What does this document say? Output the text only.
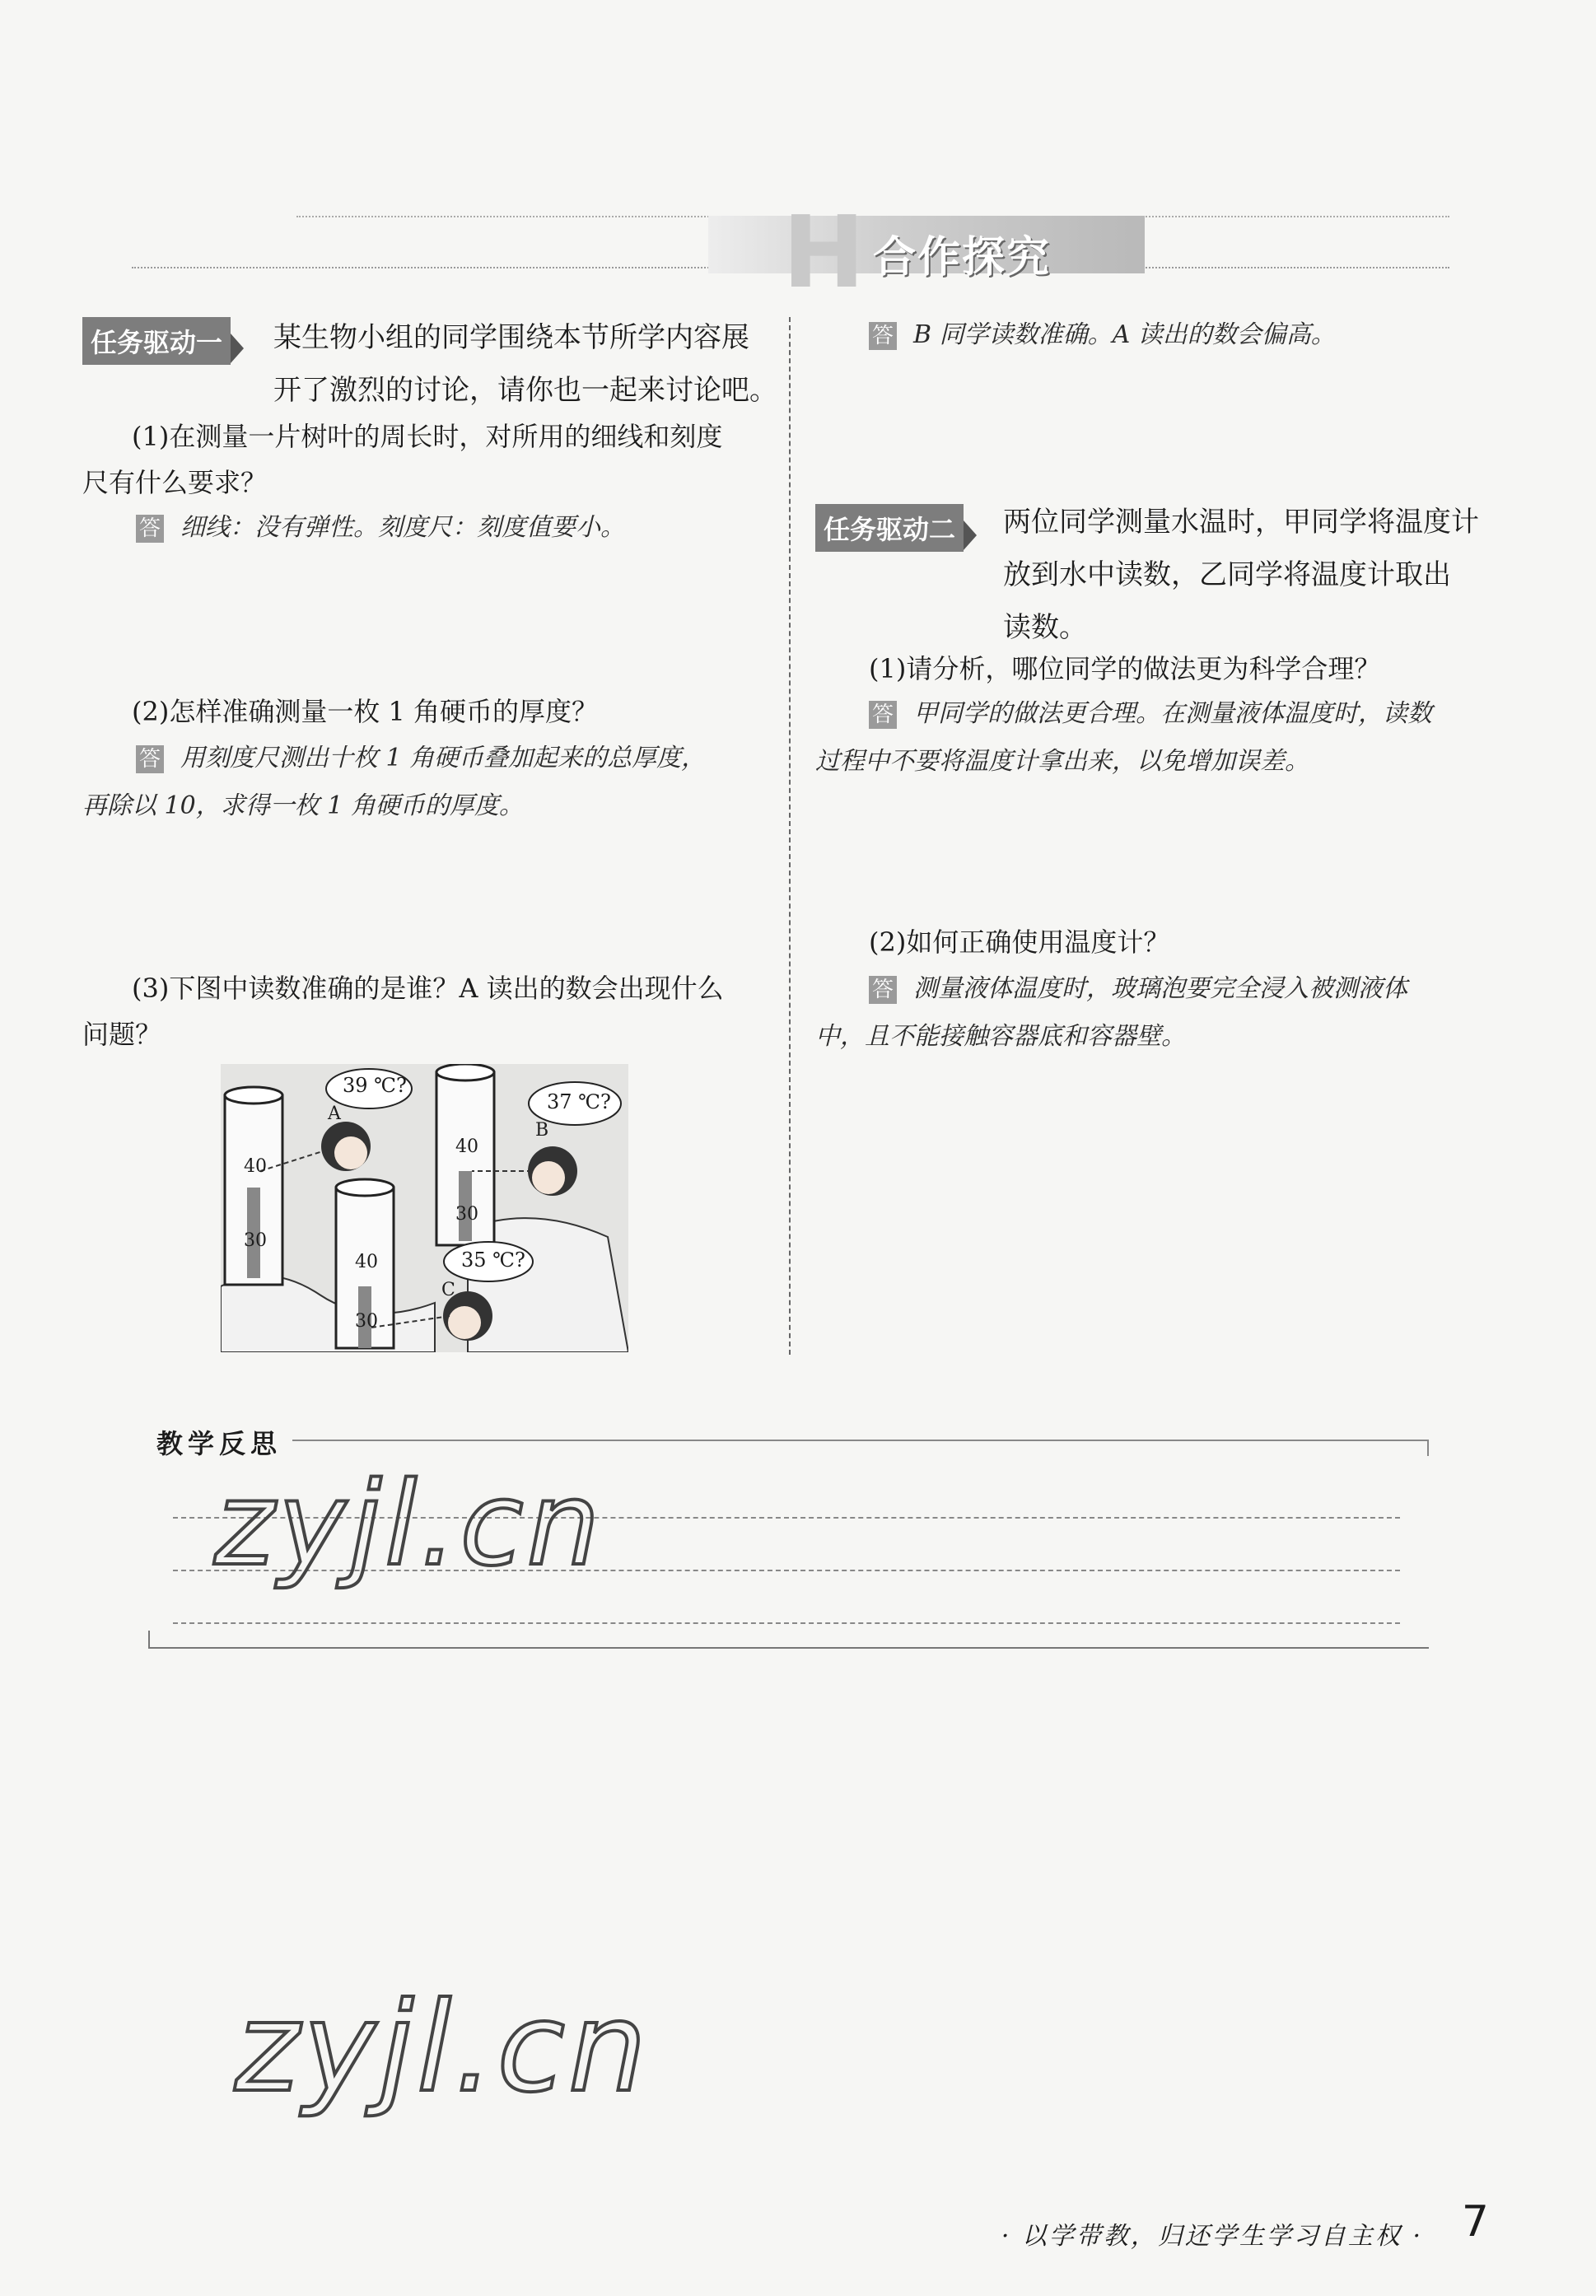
H 合作探究
任务驱动一	某生物小组的同学围绕本节所学内容展
开了激烈的讨论，请你也一起来讨论吧。
(1)在测量一片树叶的周长时，对所用的细线和刻度
尺有什么要求？
答 细线：没有弹性。刻度尺：刻度值要小。
(2)怎样准确测量一枚 1 角硬币的厚度？
答 用刻度尺测出十枚 1 角硬币叠加起来的总厚度，
再除以 10，求得一枚 1 角硬币的厚度。
(3)下图中读数准确的是谁？A 读出的数会出现什么
问题？
39 ℃?
37 ℃?
35 ℃?
A
B
C
40
30
40
30
40
30
答 B 同学读数准确。A 读出的数会偏高。
任务驱动二	两位同学测量水温时，甲同学将温度计
放到水中读数，乙同学将温度计取出
读数。
(1)请分析，哪位同学的做法更为科学合理？
答 甲同学的做法更合理。在测量液体温度时，读数
过程中不要将温度计拿出来，以免增加误差。
(2)如何正确使用温度计？
答 测量液体温度时，玻璃泡要完全浸入被测液体
中，且不能接触容器底和容器壁。
教学反思
zyjl.cn
zyjl.cn
· 以学带教，归还学生学习自主权 · 7
